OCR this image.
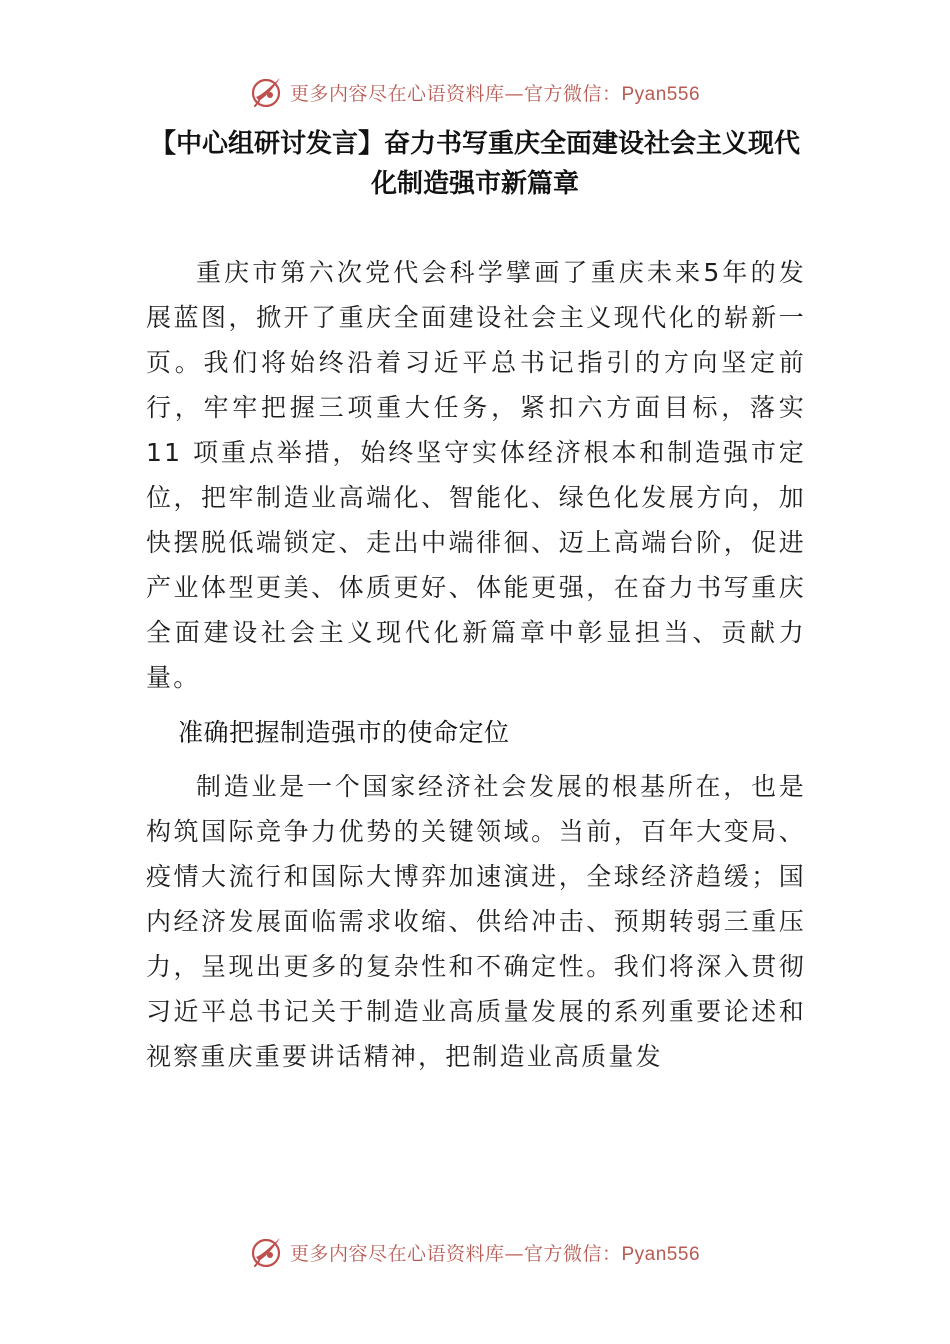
更多内容尽在心语资料库—官方微信：Pyan556
【中心组研讨发言】奋力书写重庆全面建设社会主义现代化制造强市新篇章

重庆市第六次党代会科学擘画了重庆未来5年的发展蓝图，掀开了重庆全面建设社会主义现代化的崭新一页。我们将始终沿着习近平总书记指引的方向坚定前行，牢牢把握三项重大任务，紧扣六方面目标，落实 11 项重点举措，始终坚守实体经济根本和制造强市定位，把牢制造业高端化、智能化、绿色化发展方向，加快摆脱低端锁定、走出中端徘徊、迈上高端台阶，促进产业体型更美、体质更好、体能更强，在奋力书写重庆全面建设社会主义现代化新篇章中彰显担当、贡献力量。

准确把握制造强市的使命定位

制造业是一个国家经济社会发展的根基所在，也是构筑国际竞争力优势的关键领域。当前，百年大变局、疫情大流行和国际大博弈加速演进，全球经济趋缓；国内经济发展面临需求收缩、供给冲击、预期转弱三重压力，呈现出更多的复杂性和不确定性。我们将深入贯彻习近平总书记关于制造业高质量发展的系列重要论述和视察重庆重要讲话精神，把制造业高质量发

更多内容尽在心语资料库—官方微信：Pyan556
